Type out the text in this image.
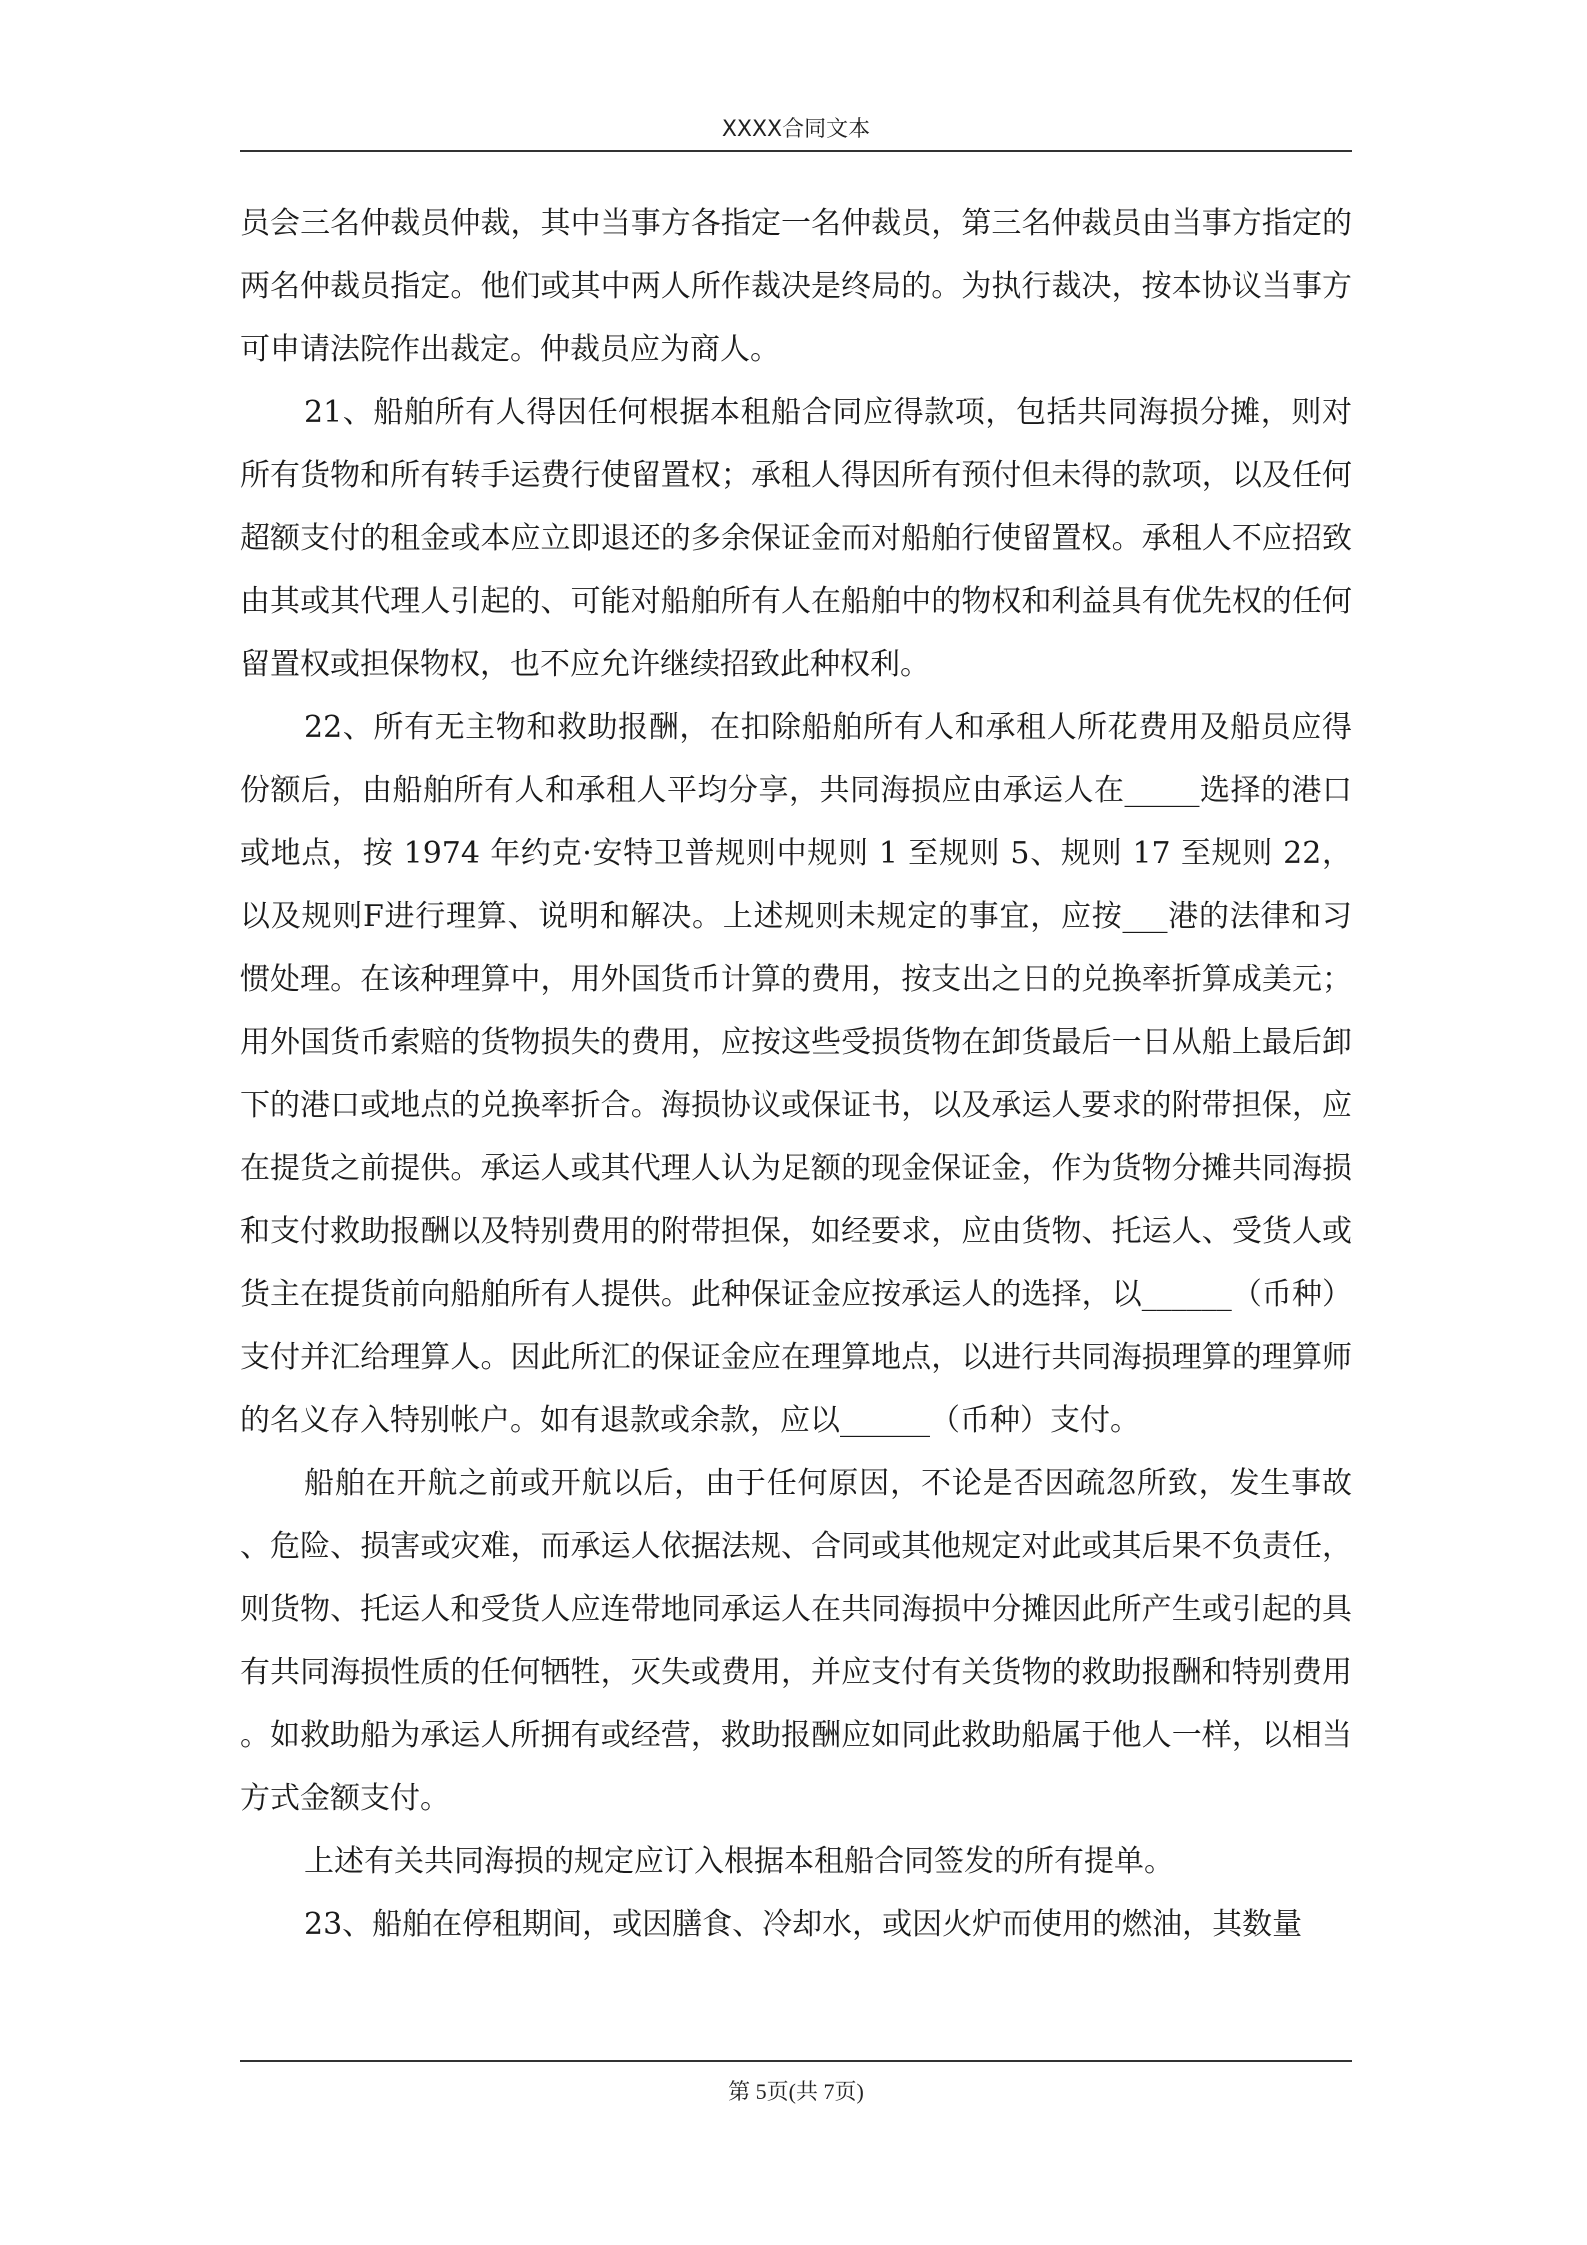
XXXX合同文本

员会三名仲裁员仲裁，其中当事方各指定一名仲裁员，第三名仲裁员由当事方指定的两名仲裁员指定。他们或其中两人所作裁决是终局的。为执行裁决，按本协议当事方可申请法院作出裁定。仲裁员应为商人。

21、船舶所有人得因任何根据本租船合同应得款项，包括共同海损分摊，则对所有货物和所有转手运费行使留置权；承租人得因所有预付但未得的款项，以及任何超额支付的租金或本应立即退还的多余保证金而对船舶行使留置权。承租人不应招致由其或其代理人引起的、可能对船舶所有人在船舶中的物权和利益具有优先权的任何留置权或担保物权，也不应允许继续招致此种权利。

22、所有无主物和救助报酬，在扣除船舶所有人和承租人所花费用及船员应得份额后，由船舶所有人和承租人平均分享，共同海损应由承运人在_____选择的港口或地点，按 1974 年约克·安特卫普规则中规则 1 至规则 5、规则 17 至规则 22，以及规则F进行理算、说明和解决。上述规则未规定的事宜，应按___港的法律和习惯处理。在该种理算中，用外国货币计算的费用，按支出之日的兑换率折算成美元；用外国货币索赔的货物损失的费用，应按这些受损货物在卸货最后一日从船上最后卸下的港口或地点的兑换率折合。海损协议或保证书，以及承运人要求的附带担保，应在提货之前提供。承运人或其代理人认为足额的现金保证金，作为货物分摊共同海损和支付救助报酬以及特别费用的附带担保，如经要求，应由货物、托运人、受货人或货主在提货前向船舶所有人提供。此种保证金应按承运人的选择，以______（币种）支付并汇给理算人。因此所汇的保证金应在理算地点，以进行共同海损理算的理算师的名义存入特别帐户。如有退款或余款，应以______（币种）支付。

船舶在开航之前或开航以后，由于任何原因，不论是否因疏忽所致，发生事故、危险、损害或灾难，而承运人依据法规、合同或其他规定对此或其后果不负责任，则货物、托运人和受货人应连带地同承运人在共同海损中分摊因此所产生或引起的具有共同海损性质的任何牺牲，灭失或费用，并应支付有关货物的救助报酬和特别费用。如救助船为承运人所拥有或经营，救助报酬应如同此救助船属于他人一样，以相当方式金额支付。

上述有关共同海损的规定应订入根据本租船合同签发的所有提单。

23、船舶在停租期间，或因膳食、冷却水，或因火炉而使用的燃油，其数量

第 5页(共 7页)
